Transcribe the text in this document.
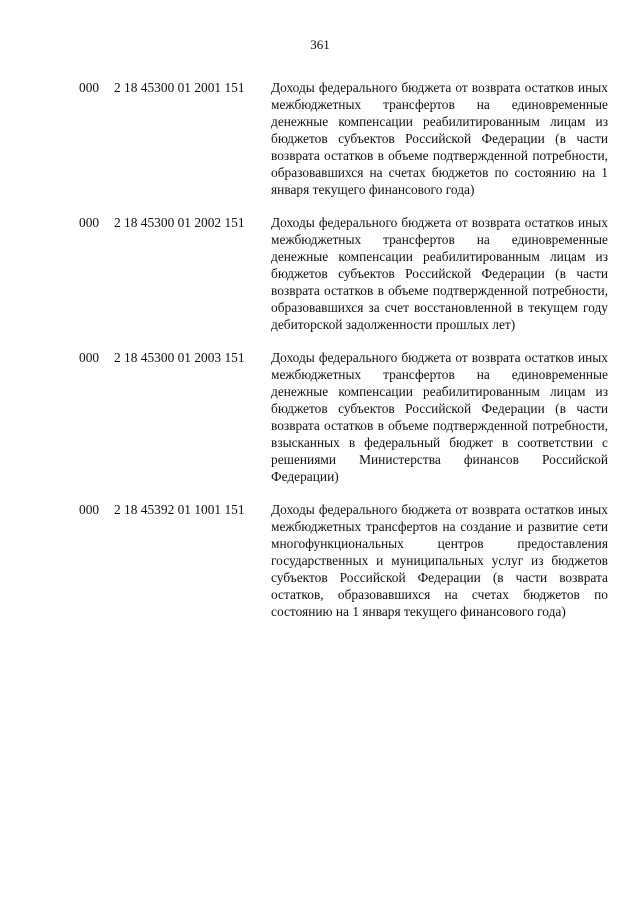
361
000 2 18 45300 01 2001 151 Доходы федерального бюджета от возврата остатков иных межбюджетных трансфертов на единовременные денежные компенсации реабилитированным лицам из бюджетов субъектов Российской Федерации (в части возврата остатков в объеме подтвержденной потребности, образовавшихся на счетах бюджетов по состоянию на 1 января текущего финансового года)
000 2 18 45300 01 2002 151 Доходы федерального бюджета от возврата остатков иных межбюджетных трансфертов на единовременные денежные компенсации реабилитированным лицам из бюджетов субъектов Российской Федерации (в части возврата остатков в объеме подтвержденной потребности, образовавшихся за счет восстановленной в текущем году дебиторской задолженности прошлых лет)
000 2 18 45300 01 2003 151 Доходы федерального бюджета от возврата остатков иных межбюджетных трансфертов на единовременные денежные компенсации реабилитированным лицам из бюджетов субъектов Российской Федерации (в части возврата остатков в объеме подтвержденной потребности, взысканных в федеральный бюджет в соответствии с решениями Министерства финансов Российской Федерации)
000 2 18 45392 01 1001 151 Доходы федерального бюджета от возврата остатков иных межбюджетных трансфертов на создание и развитие сети многофункциональных центров предоставления государственных и муниципальных услуг из бюджетов субъектов Российской Федерации (в части возврата остатков, образовавшихся на счетах бюджетов по состоянию на 1 января текущего финансового года)
